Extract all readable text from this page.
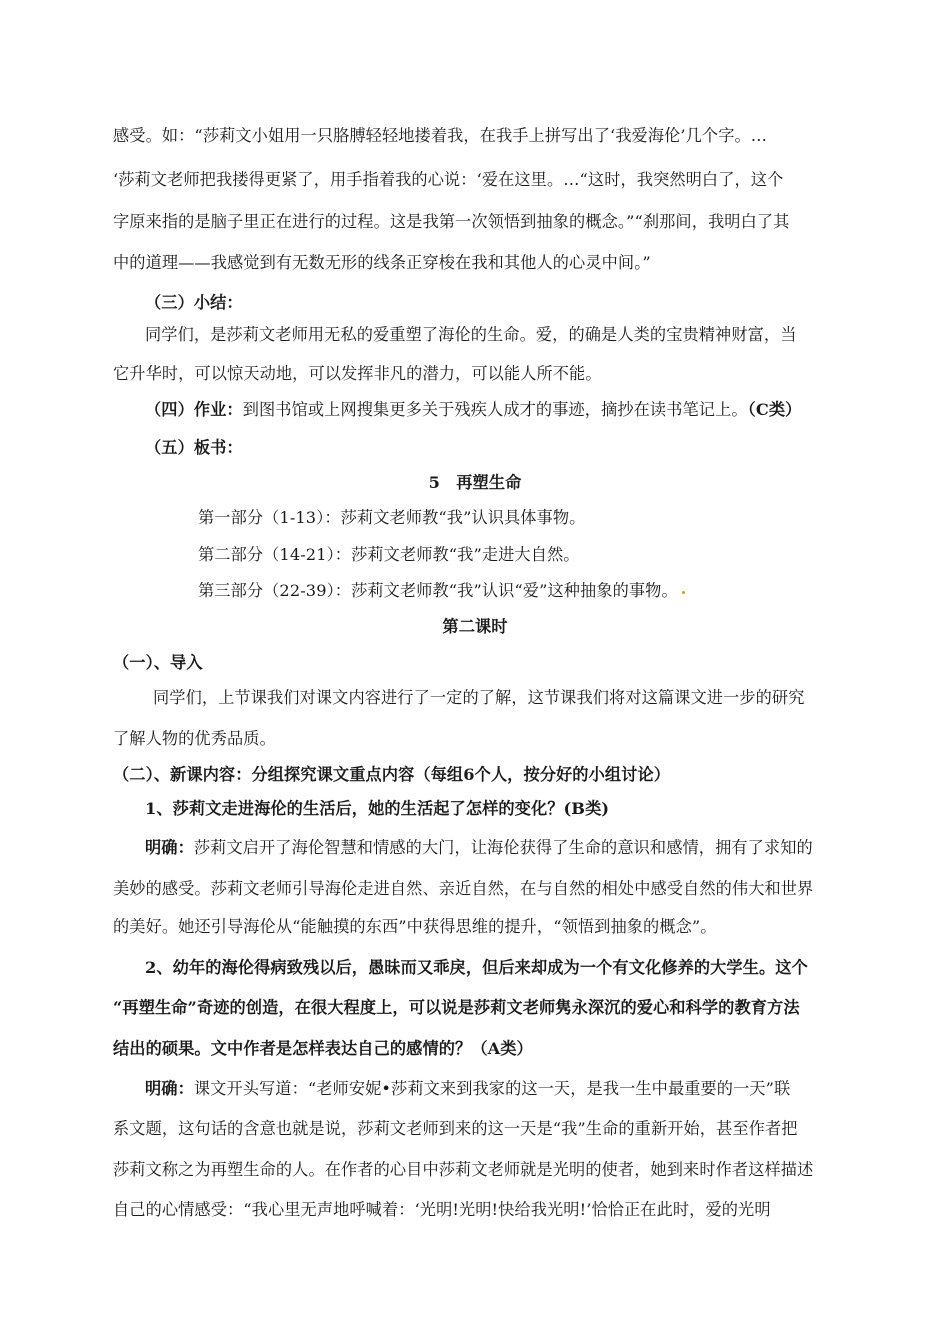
感受。如：“莎莉文小姐用一只胳膊轻轻地搂着我，在我手上拼写出了‘我爱海伦’几个字。…
‘莎莉文老师把我搂得更紧了，用手指着我的心说：‘爱在这里。…“这时，我突然明白了，这个
字原来指的是脑子里正在进行的过程。这是我第一次领悟到抽象的概念。”“刹那间，我明白了其
中的道理——我感觉到有无数无形的线条正穿梭在我和其他人的心灵中间。”
（三）小结：
同学们，是莎莉文老师用无私的爱重塑了海伦的生命。爱，的确是人类的宝贵精神财富，当
它升华时，可以惊天动地，可以发挥非凡的潜力，可以能人所不能。
（四）作业：到图书馆或上网搜集更多关于残疾人成才的事迹，摘抄在读书笔记上。（C类）
（五）板书：
5　再塑生命
第一部分（1-13）：莎莉文老师教“我”认识具体事物。
第二部分（14-21）：莎莉文老师教“我”走进大自然。
第三部分（22-39）：莎莉文老师教“我”认识“爱”这种抽象的事物。
第二课时
（一）、导入
同学们，上节课我们对课文内容进行了一定的了解，这节课我们将对这篇课文进一步的研究
了解人物的优秀品质。
（二）、新课内容：分组探究课文重点内容（每组6个人，按分好的小组讨论）
1、莎莉文走进海伦的生活后，她的生活起了怎样的变化？(B类)
明确：莎莉文启开了海伦智慧和情感的大门，让海伦获得了生命的意识和感情，拥有了求知的
美妙的感受。莎莉文老师引导海伦走进自然、亲近自然，在与自然的相处中感受自然的伟大和世界
的美好。她还引导海伦从“能触摸的东西”中获得思维的提升，“领悟到抽象的概念”。
2、幼年的海伦得病致残以后，愚昧而又乖戾，但后来却成为一个有文化修养的大学生。这个
“再塑生命”奇迹的创造，在很大程度上，可以说是莎莉文老师隽永深沉的爱心和科学的教育方法
结出的硕果。文中作者是怎样表达自己的感情的？（A类）
明确：课文开头写道：“老师安妮•莎莉文来到我家的这一天，是我一生中最重要的一天”联
系文题，这句话的含意也就是说，莎莉文老师到来的这一天是“我”生命的重新开始，甚至作者把
莎莉文称之为再塑生命的人。在作者的心目中莎莉文老师就是光明的使者，她到来时作者这样描述
自己的心情感受：“我心里无声地呼喊着：‘光明!光明!快给我光明!’恰恰正在此时，爱的光明
